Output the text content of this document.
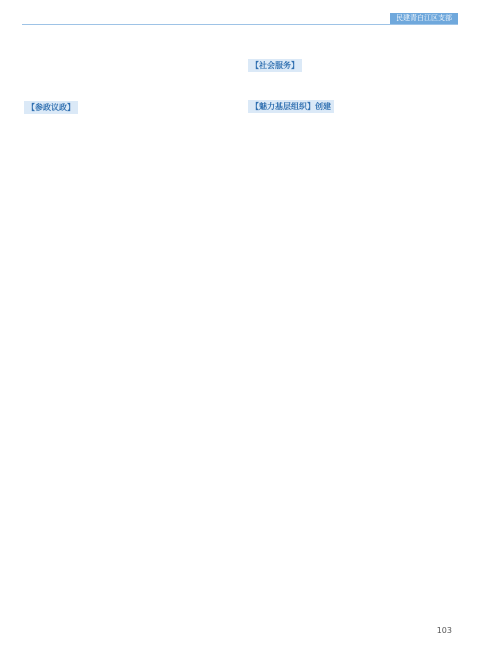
民建青白江区支部

【参政议政】

【社会服务】

【魅力基层组织】创建

103
